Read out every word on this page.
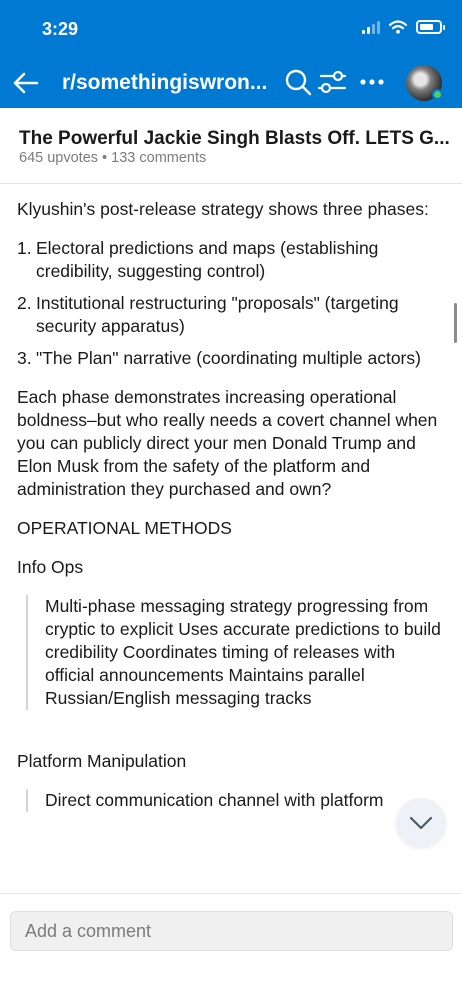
3:29
r/somethingiswron...
The Powerful Jackie Singh Blasts Off. LETS G...
645 upvotes • 133 comments

Klyushin's post-release strategy shows three phases:

1. Electoral predictions and maps (establishing credibility, suggesting control)
2. Institutional restructuring "proposals" (targeting security apparatus)
3. "The Plan" narrative (coordinating multiple actors)

Each phase demonstrates increasing operational boldness–but who really needs a covert channel when you can publicly direct your men Donald Trump and Elon Musk from the safety of the platform and administration they purchased and own?

OPERATIONAL METHODS

Info Ops

Multi-phase messaging strategy progressing from cryptic to explicit Uses accurate predictions to build credibility Coordinates timing of releases with official announcements Maintains parallel Russian/English messaging tracks

Platform Manipulation

Direct communication channel with platform
Add a comment
